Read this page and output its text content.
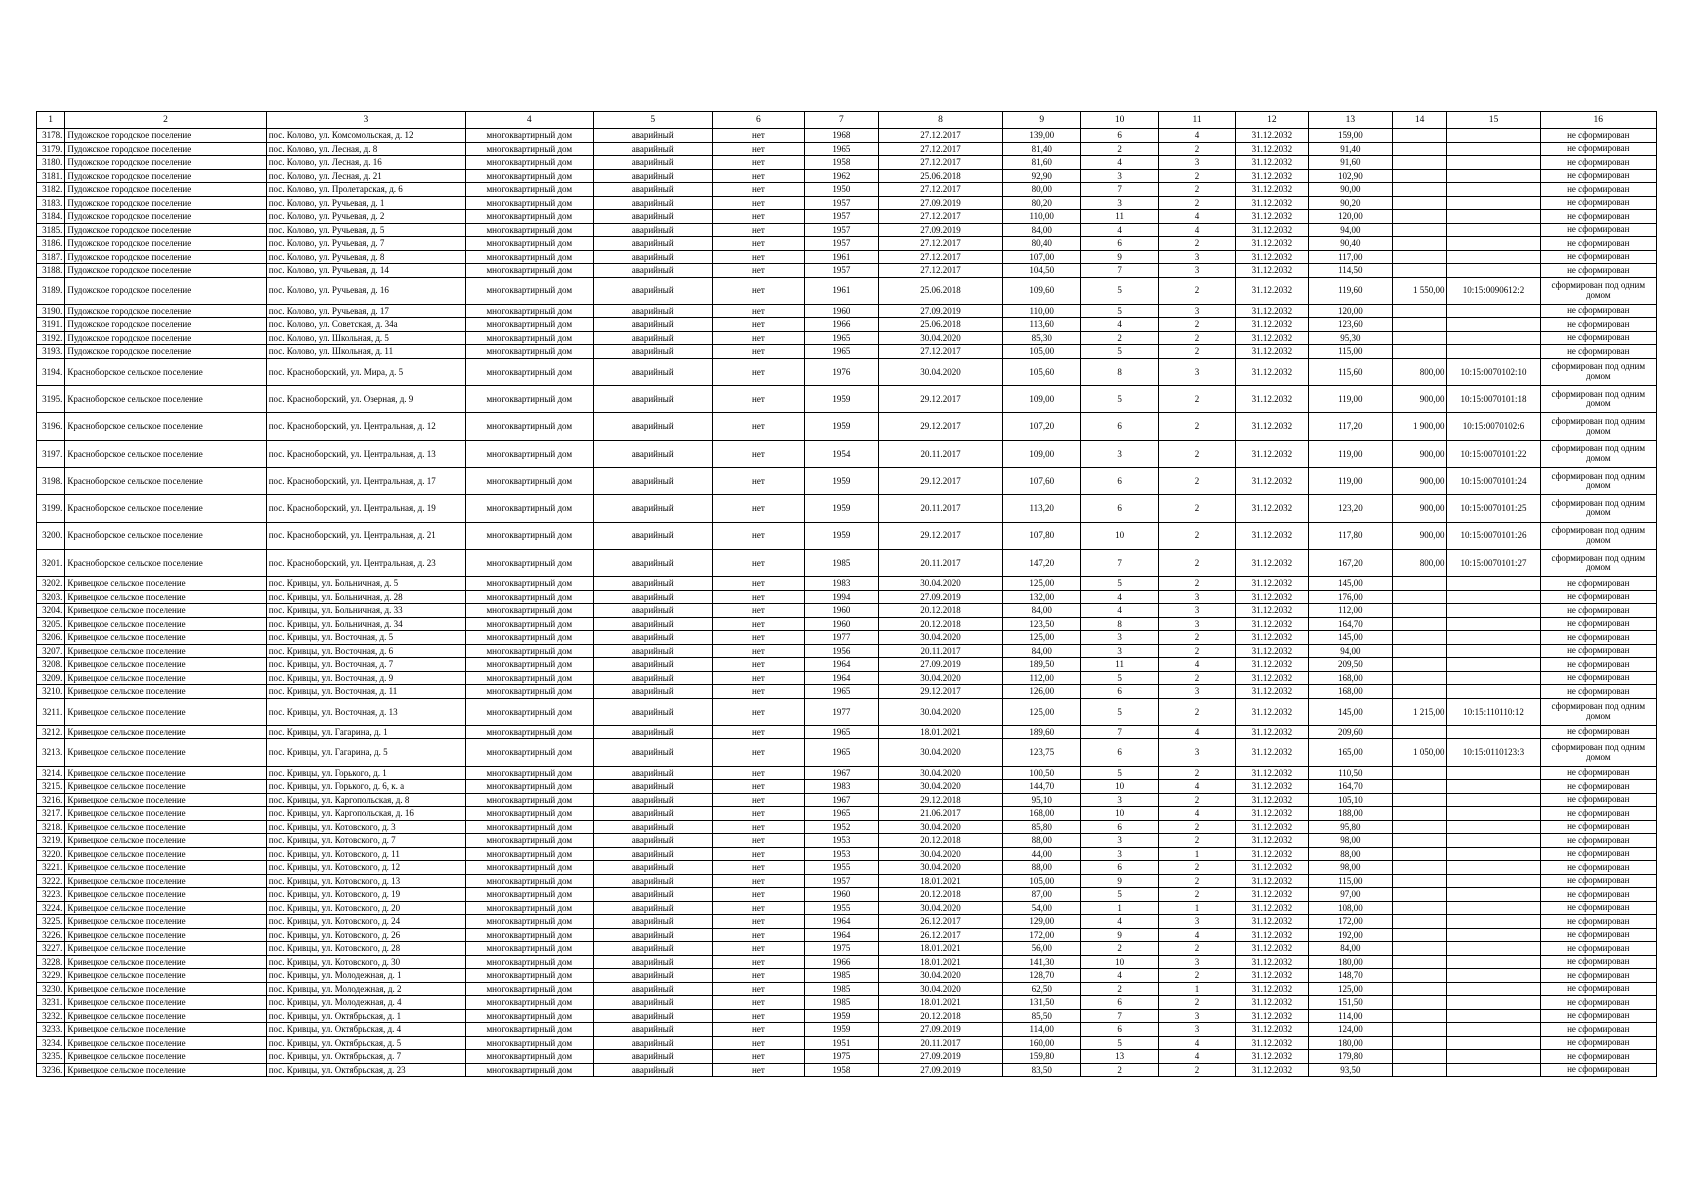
1	2	3	4	5	6	7	8	9	10	11	12	13	14	15	16
3178.	Пудожское городское поселение	пос. Колово, ул. Комсомольская, д. 12	многоквартирный дом	аварийный	нет	1968	27.12.2017	139,00	6	4	31.12.2032	159,00			не сформирован
3179.	Пудожское городское поселение	пос. Колово, ул. Лесная, д. 8	многоквартирный дом	аварийный	нет	1965	27.12.2017	81,40	2	2	31.12.2032	91,40			не сформирован
3180.	Пудожское городское поселение	пос. Колово, ул. Лесная, д. 16	многоквартирный дом	аварийный	нет	1958	27.12.2017	81,60	4	3	31.12.2032	91,60			не сформирован
3181.	Пудожское городское поселение	пос. Колово, ул. Лесная, д. 21	многоквартирный дом	аварийный	нет	1962	25.06.2018	92,90	3	2	31.12.2032	102,90			не сформирован
3182.	Пудожское городское поселение	пос. Колово, ул. Пролетарская, д. 6	многоквартирный дом	аварийный	нет	1950	27.12.2017	80,00	7	2	31.12.2032	90,00			не сформирован
3183.	Пудожское городское поселение	пос. Колово, ул. Ручьевая, д. 1	многоквартирный дом	аварийный	нет	1957	27.09.2019	80,20	3	2	31.12.2032	90,20			не сформирован
3184.	Пудожское городское поселение	пос. Колово, ул. Ручьевая, д. 2	многоквартирный дом	аварийный	нет	1957	27.12.2017	110,00	11	4	31.12.2032	120,00			не сформирован
3185.	Пудожское городское поселение	пос. Колово, ул. Ручьевая, д. 5	многоквартирный дом	аварийный	нет	1957	27.09.2019	84,00	4	4	31.12.2032	94,00			не сформирован
3186.	Пудожское городское поселение	пос. Колово, ул. Ручьевая, д. 7	многоквартирный дом	аварийный	нет	1957	27.12.2017	80,40	6	2	31.12.2032	90,40			не сформирован
3187.	Пудожское городское поселение	пос. Колово, ул. Ручьевая, д. 8	многоквартирный дом	аварийный	нет	1961	27.12.2017	107,00	9	3	31.12.2032	117,00			не сформирован
3188.	Пудожское городское поселение	пос. Колово, ул. Ручьевая, д. 14	многоквартирный дом	аварийный	нет	1957	27.12.2017	104,50	7	3	31.12.2032	114,50			не сформирован
3189.	Пудожское городское поселение	пос. Колово, ул. Ручьевая, д. 16	многоквартирный дом	аварийный	нет	1961	25.06.2018	109,60	5	2	31.12.2032	119,60	1 550,00	10:15:0090612:2	сформирован под одним домом
3190.	Пудожское городское поселение	пос. Колово, ул. Ручьевая, д. 17	многоквартирный дом	аварийный	нет	1960	27.09.2019	110,00	5	3	31.12.2032	120,00			не сформирован
3191.	Пудожское городское поселение	пос. Колово, ул. Советская, д. 34а	многоквартирный дом	аварийный	нет	1966	25.06.2018	113,60	4	2	31.12.2032	123,60			не сформирован
3192.	Пудожское городское поселение	пос. Колово, ул. Школьная, д. 5	многоквартирный дом	аварийный	нет	1965	30.04.2020	85,30	2	2	31.12.2032	95,30			не сформирован
3193.	Пудожское городское поселение	пос. Колово, ул. Школьная, д. 11	многоквартирный дом	аварийный	нет	1965	27.12.2017	105,00	5	2	31.12.2032	115,00			не сформирован
3194.	Красноборское сельское поселение	пос. Красноборский, ул. Мира, д. 5	многоквартирный дом	аварийный	нет	1976	30.04.2020	105,60	8	3	31.12.2032	115,60	800,00	10:15:0070102:10	сформирован под одним домом
3195.	Красноборское сельское поселение	пос. Красноборский, ул. Озерная, д. 9	многоквартирный дом	аварийный	нет	1959	29.12.2017	109,00	5	2	31.12.2032	119,00	900,00	10:15:0070101:18	сформирован под одним домом
3196.	Красноборское сельское поселение	пос. Красноборский, ул. Центральная, д. 12	многоквартирный дом	аварийный	нет	1959	29.12.2017	107,20	6	2	31.12.2032	117,20	1 900,00	10:15:0070102:6	сформирован под одним домом
3197.	Красноборское сельское поселение	пос. Красноборский, ул. Центральная, д. 13	многоквартирный дом	аварийный	нет	1954	20.11.2017	109,00	3	2	31.12.2032	119,00	900,00	10:15:0070101:22	сформирован под одним домом
3198.	Красноборское сельское поселение	пос. Красноборский, ул. Центральная, д. 17	многоквартирный дом	аварийный	нет	1959	29.12.2017	107,60	6	2	31.12.2032	119,00	900,00	10:15:0070101:24	сформирован под одним домом
3199.	Красноборское сельское поселение	пос. Красноборский, ул. Центральная, д. 19	многоквартирный дом	аварийный	нет	1959	20.11.2017	113,20	6	2	31.12.2032	123,20	900,00	10:15:0070101:25	сформирован под одним домом
3200.	Красноборское сельское поселение	пос. Красноборский, ул. Центральная, д. 21	многоквартирный дом	аварийный	нет	1959	29.12.2017	107,80	10	2	31.12.2032	117,80	900,00	10:15:0070101:26	сформирован под одним домом
3201.	Красноборское сельское поселение	пос. Красноборский, ул. Центральная, д. 23	многоквартирный дом	аварийный	нет	1985	20.11.2017	147,20	7	2	31.12.2032	167,20	800,00	10:15:0070101:27	сформирован под одним домом
3202.	Кривецкое сельское поселение	пос. Кривцы, ул. Больничная, д. 5	многоквартирный дом	аварийный	нет	1983	30.04.2020	125,00	5	2	31.12.2032	145,00			не сформирован
3203.	Кривецкое сельское поселение	пос. Кривцы, ул. Больничная, д. 28	многоквартирный дом	аварийный	нет	1994	27.09.2019	132,00	4	3	31.12.2032	176,00			не сформирован
3204.	Кривецкое сельское поселение	пос. Кривцы, ул. Больничная, д. 33	многоквартирный дом	аварийный	нет	1960	20.12.2018	84,00	4	3	31.12.2032	112,00			не сформирован
3205.	Кривецкое сельское поселение	пос. Кривцы, ул. Больничная, д. 34	многоквартирный дом	аварийный	нет	1960	20.12.2018	123,50	8	3	31.12.2032	164,70			не сформирован
3206.	Кривецкое сельское поселение	пос. Кривцы, ул. Восточная, д. 5	многоквартирный дом	аварийный	нет	1977	30.04.2020	125,00	3	2	31.12.2032	145,00			не сформирован
3207.	Кривецкое сельское поселение	пос. Кривцы, ул. Восточная, д. 6	многоквартирный дом	аварийный	нет	1956	20.11.2017	84,00	3	2	31.12.2032	94,00			не сформирован
3208.	Кривецкое сельское поселение	пос. Кривцы, ул. Восточная, д. 7	многоквартирный дом	аварийный	нет	1964	27.09.2019	189,50	11	4	31.12.2032	209,50			не сформирован
3209.	Кривецкое сельское поселение	пос. Кривцы, ул. Восточная, д. 9	многоквартирный дом	аварийный	нет	1964	30.04.2020	112,00	5	2	31.12.2032	168,00			не сформирован
3210.	Кривецкое сельское поселение	пос. Кривцы, ул. Восточная, д. 11	многоквартирный дом	аварийный	нет	1965	29.12.2017	126,00	6	3	31.12.2032	168,00			не сформирован
3211.	Кривецкое сельское поселение	пос. Кривцы, ул. Восточная, д. 13	многоквартирный дом	аварийный	нет	1977	30.04.2020	125,00	5	2	31.12.2032	145,00	1 215,00	10:15:110110:12	сформирован под одним домом
3212.	Кривецкое сельское поселение	пос. Кривцы, ул. Гагарина, д. 1	многоквартирный дом	аварийный	нет	1965	18.01.2021	189,60	7	4	31.12.2032	209,60			не сформирован
3213.	Кривецкое сельское поселение	пос. Кривцы, ул. Гагарина, д. 5	многоквартирный дом	аварийный	нет	1965	30.04.2020	123,75	6	3	31.12.2032	165,00	1 050,00	10:15:0110123:3	сформирован под одним домом
3214.	Кривецкое сельское поселение	пос. Кривцы, ул. Горького, д. 1	многоквартирный дом	аварийный	нет	1967	30.04.2020	100,50	5	2	31.12.2032	110,50			не сформирован
3215.	Кривецкое сельское поселение	пос. Кривцы, ул. Горького, д. 6, к. а	многоквартирный дом	аварийный	нет	1983	30.04.2020	144,70	10	4	31.12.2032	164,70			не сформирован
3216.	Кривецкое сельское поселение	пос. Кривцы, ул. Каргопольская, д. 8	многоквартирный дом	аварийный	нет	1967	29.12.2018	95,10	3	2	31.12.2032	105,10			не сформирован
3217.	Кривецкое сельское поселение	пос. Кривцы, ул. Каргопольская, д. 16	многоквартирный дом	аварийный	нет	1965	21.06.2017	168,00	10	4	31.12.2032	188,00			не сформирован
3218.	Кривецкое сельское поселение	пос. Кривцы, ул. Котовского, д. 3	многоквартирный дом	аварийный	нет	1952	30.04.2020	85,80	6	2	31.12.2032	95,80			не сформирован
3219.	Кривецкое сельское поселение	пос. Кривцы, ул. Котовского, д. 7	многоквартирный дом	аварийный	нет	1953	20.12.2018	88,00	3	2	31.12.2032	98,00			не сформирован
3220.	Кривецкое сельское поселение	пос. Кривцы, ул. Котовского, д. 11	многоквартирный дом	аварийный	нет	1953	30.04.2020	44,00	3	1	31.12.2032	88,00			не сформирован
3221.	Кривецкое сельское поселение	пос. Кривцы, ул. Котовского, д. 12	многоквартирный дом	аварийный	нет	1955	30.04.2020	88,00	6	2	31.12.2032	98,00			не сформирован
3222.	Кривецкое сельское поселение	пос. Кривцы, ул. Котовского, д. 13	многоквартирный дом	аварийный	нет	1957	18.01.2021	105,00	9	2	31.12.2032	115,00			не сформирован
3223.	Кривецкое сельское поселение	пос. Кривцы, ул. Котовского, д. 19	многоквартирный дом	аварийный	нет	1960	20.12.2018	87,00	5	2	31.12.2032	97,00			не сформирован
3224.	Кривецкое сельское поселение	пос. Кривцы, ул. Котовского, д. 20	многоквартирный дом	аварийный	нет	1955	30.04.2020	54,00	1	1	31.12.2032	108,00			не сформирован
3225.	Кривецкое сельское поселение	пос. Кривцы, ул. Котовского, д. 24	многоквартирный дом	аварийный	нет	1964	26.12.2017	129,00	4	3	31.12.2032	172,00			не сформирован
3226.	Кривецкое сельское поселение	пос. Кривцы, ул. Котовского, д. 26	многоквартирный дом	аварийный	нет	1964	26.12.2017	172,00	9	4	31.12.2032	192,00			не сформирован
3227.	Кривецкое сельское поселение	пос. Кривцы, ул. Котовского, д. 28	многоквартирный дом	аварийный	нет	1975	18.01.2021	56,00	2	2	31.12.2032	84,00			не сформирован
3228.	Кривецкое сельское поселение	пос. Кривцы, ул. Котовского, д. 30	многоквартирный дом	аварийный	нет	1966	18.01.2021	141,30	10	3	31.12.2032	180,00			не сформирован
3229.	Кривецкое сельское поселение	пос. Кривцы, ул. Молодежная, д. 1	многоквартирный дом	аварийный	нет	1985	30.04.2020	128,70	4	2	31.12.2032	148,70			не сформирован
3230.	Кривецкое сельское поселение	пос. Кривцы, ул. Молодежная, д. 2	многоквартирный дом	аварийный	нет	1985	30.04.2020	62,50	2	1	31.12.2032	125,00			не сформирован
3231.	Кривецкое сельское поселение	пос. Кривцы, ул. Молодежная, д. 4	многоквартирный дом	аварийный	нет	1985	18.01.2021	131,50	6	2	31.12.2032	151,50			не сформирован
3232.	Кривецкое сельское поселение	пос. Кривцы, ул. Октябрьская, д. 1	многоквартирный дом	аварийный	нет	1959	20.12.2018	85,50	7	3	31.12.2032	114,00			не сформирован
3233.	Кривецкое сельское поселение	пос. Кривцы, ул. Октябрьская, д. 4	многоквартирный дом	аварийный	нет	1959	27.09.2019	114,00	6	3	31.12.2032	124,00			не сформирован
3234.	Кривецкое сельское поселение	пос. Кривцы, ул. Октябрьская, д. 5	многоквартирный дом	аварийный	нет	1951	20.11.2017	160,00	5	4	31.12.2032	180,00			не сформирован
3235.	Кривецкое сельское поселение	пос. Кривцы, ул. Октябрьская, д. 7	многоквартирный дом	аварийный	нет	1975	27.09.2019	159,80	13	4	31.12.2032	179,80			не сформирован
3236.	Кривецкое сельское поселение	пос. Кривцы, ул. Октябрьская, д. 23	многоквартирный дом	аварийный	нет	1958	27.09.2019	83,50	2	2	31.12.2032	93,50			не сформирован
